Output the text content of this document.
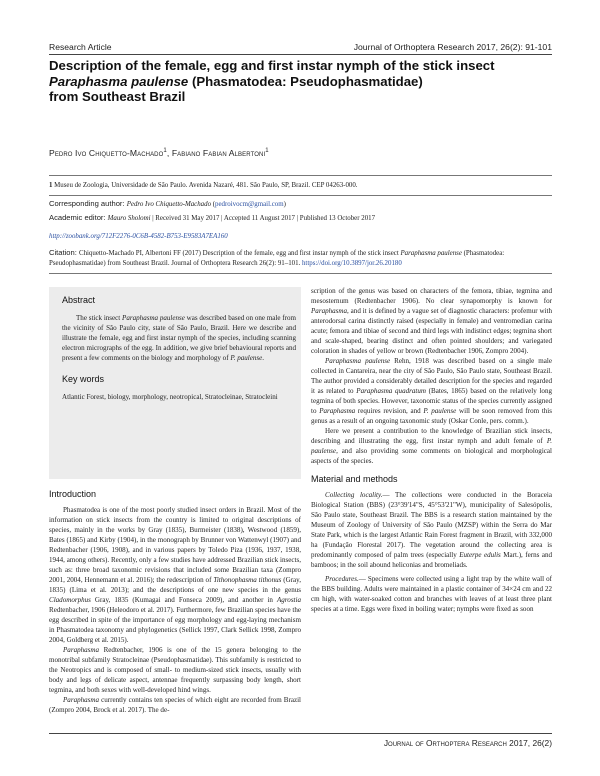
Research Article	Journal of Orthoptera Research 2017, 26(2): 91-101
Description of the female, egg and first instar nymph of the stick insect
Paraphasma paulense (Phasmatodea: Pseudophasmatidae)
from Southeast Brazil
Pedro Ivo Chiquetto-Machado$^1$, Fabiano Fabian Albertoni$^1$
1 Museu de Zoologia, Universidade de São Paulo. Avenida Nazaré, 481. São Paulo, SP, Brazil. CEP 04263-000.
Corresponding author: Pedro Ivo Chiquetto-Machado (pedroivocm@gmail.com)
Academic editor: Mauro Sholomi | Received 31 May 2017 | Accepted 11 August 2017 | Published 13 October 2017
http://zoobank.org/712F2276-0C6B-4582-B753-E9583A7EA160
Citation: Chiquetto-Machado PI, Albertoni FF (2017) Description of the female, egg and first instar nymph of the stick insect Paraphasma paulense (Phasmatodea: Pseudophasmatidae) from Southeast Brazil. Journal of Orthoptera Research 26(2): 91–101. https://doi.org/10.3897/jor.26.20180
Abstract

The stick insect Paraphasma paulense was described based on one male from the vicinity of São Paulo city, state of São Paulo, Brazil. Here we describe and illustrate the female, egg and first instar nymph of the species, including scanning electron micrographs of the egg. In addition, we give brief behavioural reports and present a few comments on the biology and morphology of P. paulense.

Key words

Atlantic Forest, biology, morphology, neotropical, Stratocleinae, Stratocleini

Introduction

Phasmatodea is one of the most poorly studied insect orders in Brazil. Most of the information on stick insects from the country is limited to original descriptions of species, mainly in the works by Gray (1835), Burmeister (1838), Westwood (1859), Bates (1865) and Kirby (1904), in the monograph by Brunner von Wattenwyl (1907) and Redtenbacher (1906, 1908), and in various papers by Toledo Piza (1936, 1937, 1938, 1944, among others). Recently, only a few studies have addressed Brazilian stick insects, such as: three broad taxonomic revisions that included some Brazilian taxa (Zompro 2001, 2004, Hennemann et al. 2016); the redescription of Tithonophasma tithonus (Gray, 1835) (Lima et al. 2013); and the descriptions of one new species in the genus Cladomorphus Gray, 1835 (Kumagai and Fonseca 2009), and another in Agrostia Redtenbacher, 1906 (Heleodoro et al. 2017). Furthermore, few Brazilian species have the egg described in spite of the importance of egg morphology and egg-laying mechanism in Phasmatodea taxonomy and phylogenetics (Sellick 1997, Clark Sellick 1998, Zompro 2004, Goldberg et al. 2015).

Paraphasma Redtenbacher, 1906 is one of the 15 genera belonging to the monotribal subfamily Stratocleinae (Pseudophasmatidae). This subfamily is restricted to the Neotropics and is composed of small- to medium-sized stick insects, usually with body and legs of delicate aspect, antennae frequently surpassing body length, short tegmina, and both sexes with well-developed hind wings.

Paraphasma currently contains ten species of which eight are recorded from Brazil (Zompro 2004, Brock et al. 2017). The de-

scription of the genus was based on characters of the femora, tibiae, tegmina and mesosternum (Redtenbacher 1906). No clear synapomorphy is known for Paraphasma, and it is defined by a vague set of diagnostic characters: profemur with anterodorsal carina distinctly raised (especially in female) and ventromedian carina acute; femora and tibiae of second and third legs with indistinct edges; tegmina short and scale-shaped, bearing distinct and often pointed shoulders; and variegated coloration in shades of yellow or brown (Redtenbacher 1906, Zompro 2004).

Paraphasma paulense Rehn, 1918 was described based on a single male collected in Cantareira, near the city of São Paulo, São Paulo state, Southeast Brazil. The author provided a considerably detailed description for the species and regarded it as related to Paraphasma quadratum (Bates, 1865) based on the relatively long tegmina of both species. However, taxonomic status of the species currently assigned to Paraphasma requires revision, and P. paulense will be soon removed from this genus as a result of an ongoing taxonomic study (Oskar Conle, pers. comm.).

Here we present a contribution to the knowledge of Brazilian stick insects, describing and illustrating the egg, first instar nymph and adult female of P. paulense, and also providing some comments on biological and morphological aspects of the species.

Material and methods

Collecting locality.— The collections were conducted in the Boraceia Biological Station (BBS) (23°39'14"S, 45°53'21"W), municipality of Salesópolis, São Paulo state, Southeast Brazil. The BBS is a research station maintained by the Museum of Zoology of University of São Paulo (MZSP) within the Serra do Mar State Park, which is the largest Atlantic Rain Forest fragment in Brazil, with 332,000 ha (Fundação Florestal 2017). The vegetation around the collecting area is predominantly composed of palm trees (especially Euterpe edulis Mart.), ferns and bamboos; in the soil abound heliconias and bromeliads.

Procedures.— Specimens were collected using a light trap by the white wall of the BBS building. Adults were maintained in a plastic container of 34×24 cm and 22 cm high, with water-soaked cotton and branches with leaves of at least three plant species at a time. Eggs were fixed in boiling water; nymphs were fixed as soon

Journal of Orthoptera Research 2017, 26(2)
